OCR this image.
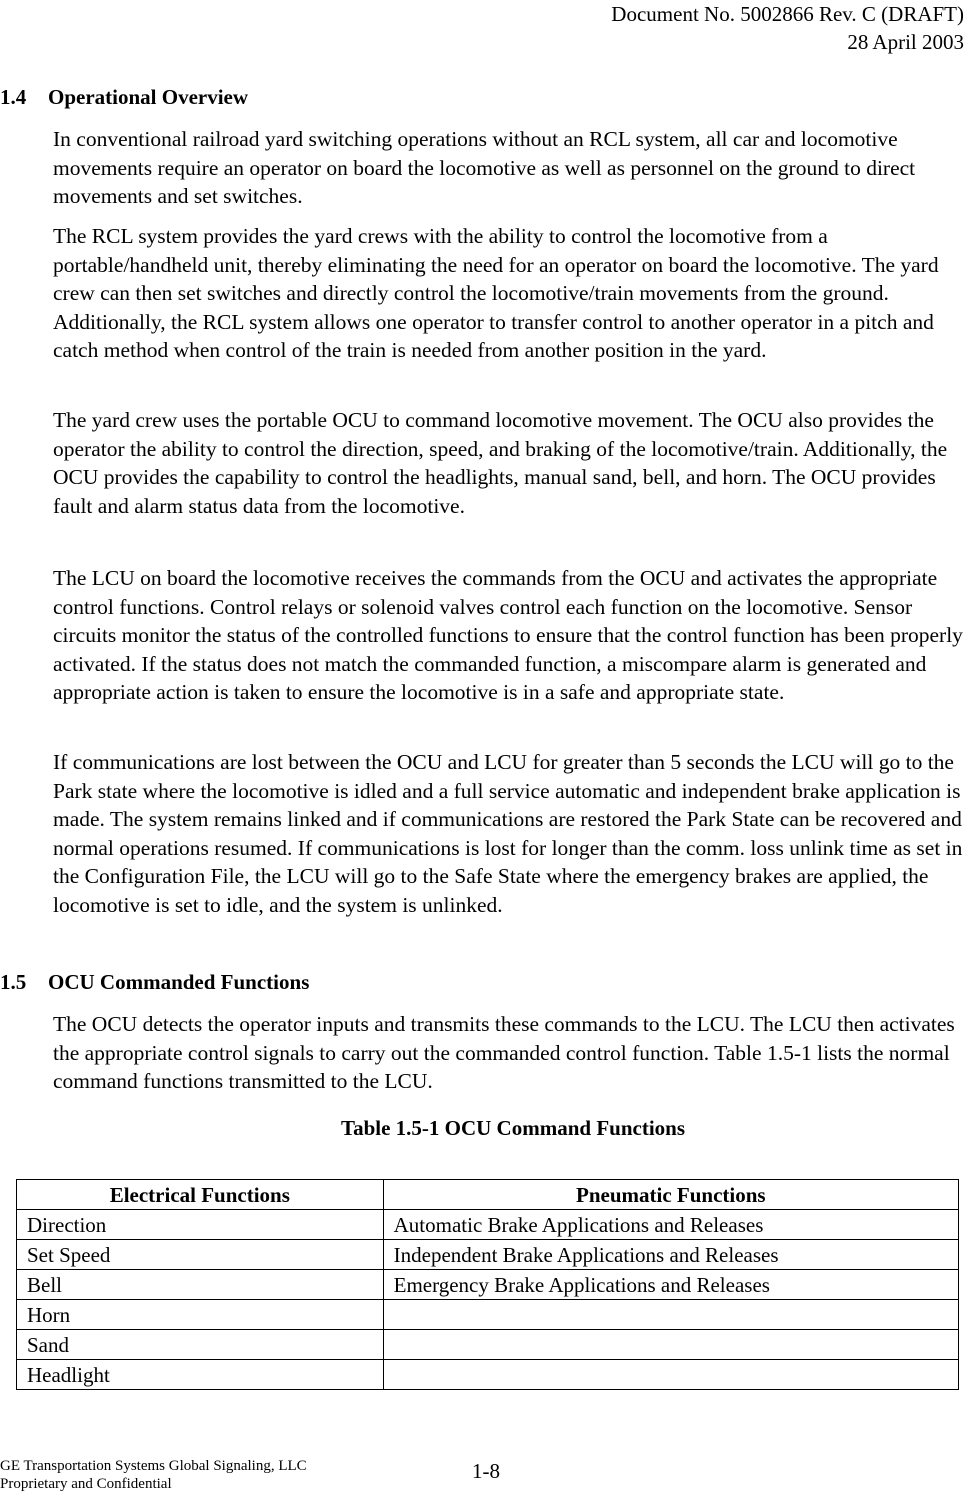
Document No. 5002866 Rev. C (DRAFT)
28 April 2003
1.4 Operational Overview

In conventional railroad yard switching operations without an RCL system, all car and locomotive movements require an operator on board the locomotive as well as personnel on the ground to direct movements and set switches.

The RCL system provides the yard crews with the ability to control the locomotive from a portable/handheld unit, thereby eliminating the need for an operator on board the locomotive. The yard crew can then set switches and directly control the locomotive/train movements from the ground. Additionally, the RCL system allows one operator to transfer control to another operator in a pitch and catch method when control of the train is needed from another position in the yard.

The yard crew uses the portable OCU to command locomotive movement. The OCU also provides the operator the ability to control the direction, speed, and braking of the locomotive/train. Additionally, the OCU provides the capability to control the headlights, manual sand, bell, and horn. The OCU provides fault and alarm status data from the locomotive.

The LCU on board the locomotive receives the commands from the OCU and activates the appropriate control functions. Control relays or solenoid valves control each function on the locomotive. Sensor circuits monitor the status of the controlled functions to ensure that the control function has been properly activated. If the status does not match the commanded function, a miscompare alarm is generated and appropriate action is taken to ensure the locomotive is in a safe and appropriate state.

If communications are lost between the OCU and LCU for greater than 5 seconds the LCU will go to the Park state where the locomotive is idled and a full service automatic and independent brake application is made. The system remains linked and if communications are restored the Park State can be recovered and normal operations resumed. If communications is lost for longer than the comm. loss unlink time as set in the Configuration File, the LCU will go to the Safe State where the emergency brakes are applied, the locomotive is set to idle, and the system is unlinked.

1.5 OCU Commanded Functions

The OCU detects the operator inputs and transmits these commands to the LCU. The LCU then activates the appropriate control signals to carry out the commanded control function. Table 1.5-1 lists the normal command functions transmitted to the LCU.

Table 1.5-1 OCU Command Functions
Electrical Functions	Pneumatic Functions
Direction	Automatic Brake Applications and Releases
Set Speed	Independent Brake Applications and Releases
Bell	Emergency Brake Applications and Releases
Horn	
Sand	
Headlight	
GE Transportation Systems Global Signaling, LLC
Proprietary and Confidential
1-8
